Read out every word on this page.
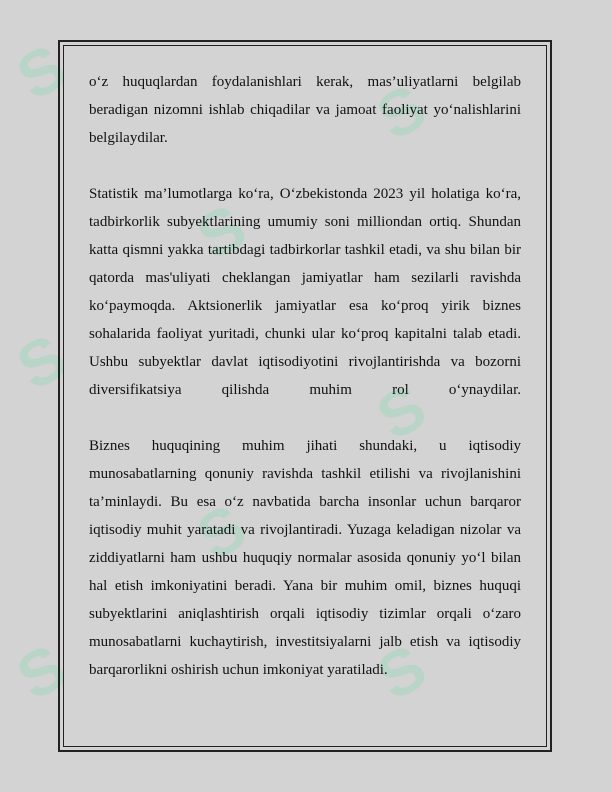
S
S
S
S
S
S
S
S

o‘z huquqlardan foydalanishlari kerak, mas’uliyatlarni belgilab beradigan nizomni ishlab chiqadilar va jamoat faoliyat yo‘nalishlarini belgilaydilar.

Statistik ma’lumotlarga ko‘ra, O‘zbekistonda 2023 yil holatiga ko‘ra, tadbirkorlik subyektlarining umumiy soni milliondan ortiq. Shundan katta qismni yakka tartibdagi tadbirkorlar tashkil etadi, va shu bilan bir qatorda mas'uliyati cheklangan jamiyatlar ham sezilarli ravishda ko‘paymoqda. Aktsionerlik jamiyatlar esa ko‘proq yirik biznes sohalarida faoliyat yuritadi, chunki ular ko‘proq kapitalni talab etadi. Ushbu subyektlar davlat iqtisodiyotini rivojlantirishda va bozorni diversifikatsiya qilishda muhim rol o‘ynaydilar.

Biznes huquqining muhim jihati shundaki, u iqtisodiy munosabatlarning qonuniy ravishda tashkil etilishi va rivojlanishini ta’minlaydi. Bu esa o‘z navbatida barcha insonlar uchun barqaror iqtisodiy muhit yaratadi va rivojlantiradi. Yuzaga keladigan nizolar va ziddiyatlarni ham ushbu huquqiy normalar asosida qonuniy yo‘l bilan hal etish imkoniyatini beradi. Yana bir muhim omil, biznes huquqi subyektlarini aniqlashtirish orqali iqtisodiy tizimlar orqali o‘zaro munosabatlarni kuchaytirish, investitsiyalarni jalb etish va iqtisodiy barqarorlikni oshirish uchun imkoniyat yaratiladi.
